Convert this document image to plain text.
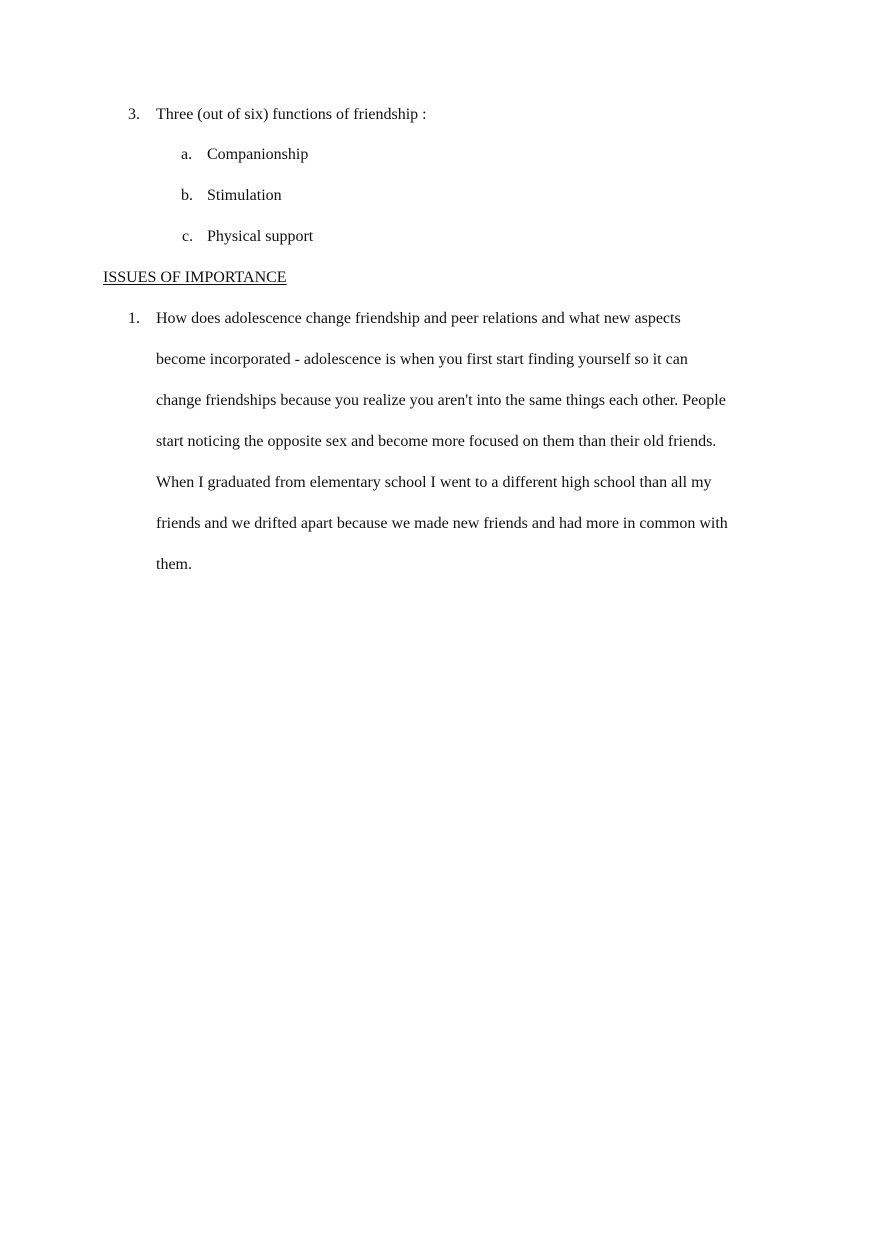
3. Three (out of six) functions of friendship :
a. Companionship
b. Stimulation
c. Physical support
ISSUES OF IMPORTANCE
1. How does adolescence change friendship and peer relations and what new aspects
become incorporated - adolescence is when you first start finding yourself so it can
change friendships because you realize you aren't into the same things each other. People
start noticing the opposite sex and become more focused on them than their old friends.
When I graduated from elementary school I went to a different high school than all my
friends and we drifted apart because we made new friends and had more in common with
them.
